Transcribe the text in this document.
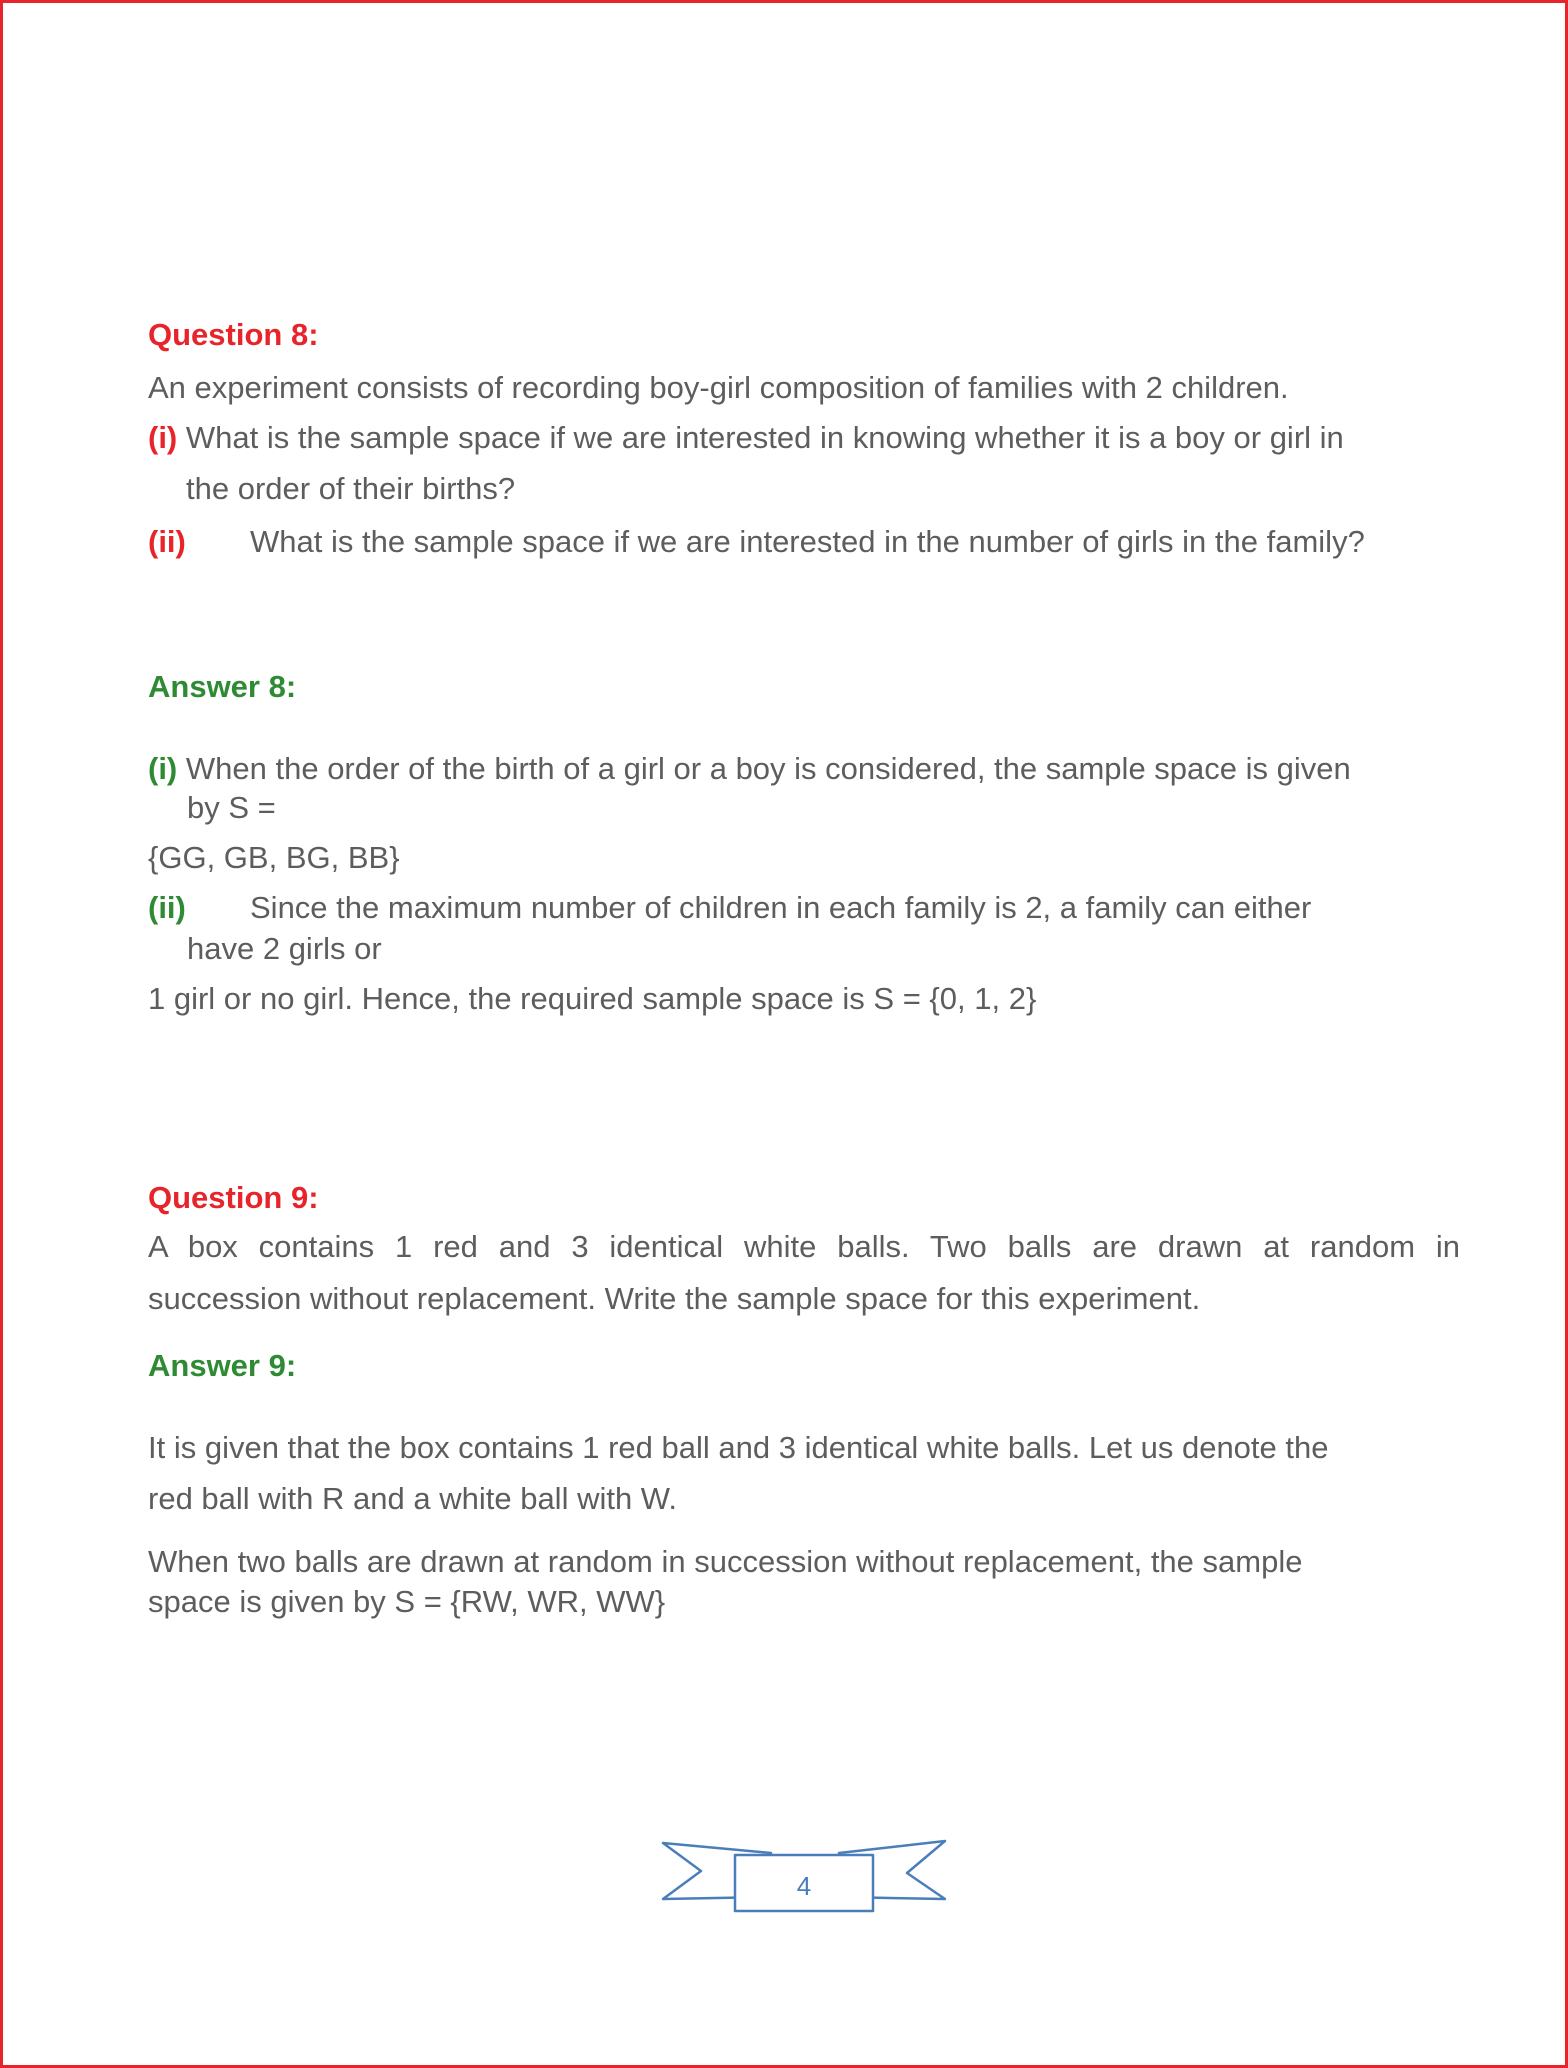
Question 8:

An experiment consists of recording boy-girl composition of families with 2 children.

(i) What is the sample space if we are interested in knowing whether it is a boy or girl in

the order of their births?

(ii) What is the sample space if we are interested in the number of girls in the family?

Answer 8:

(i) When the order of the birth of a girl or a boy is considered, the sample space is given

by S =

{GG, GB, BG, BB}

(ii) Since the maximum number of children in each family is 2, a family can either

have 2 girls or

1 girl or no girl. Hence, the required sample space is S = {0, 1, 2}

Question 9:

A box contains 1 red and 3 identical white balls. Two balls are drawn at random in

succession without replacement. Write the sample space for this experiment.

Answer 9:

It is given that the box contains 1 red ball and 3 identical white balls. Let us denote the

red ball with R and a white ball with W.

When two balls are drawn at random in succession without replacement, the sample

space is given by S = {RW, WR, WW}

4
